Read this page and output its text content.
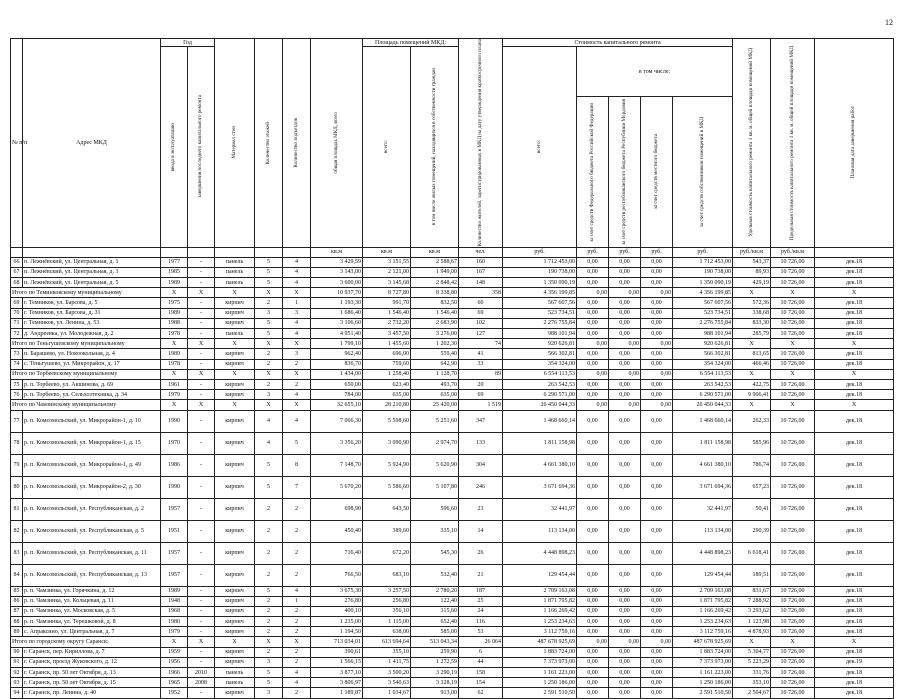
12
№ п/п	Адрес МКД	Год		Материал стен	Количество этажей	Количество подъездов	общая площадь МКД, всего	Площадь помещений МКД:		Количество жителей, зарегистрированных в МКД на дату утверждения краткосрочного плана	Стоимость капитального ремонта					Удельная стоимость капитального ремонта 1 кв. м. общей площади помещений МКД	Предельная стоимость капитального ремонта 1 кв. м. общей площади помещений МКД	Плановая дата завершения работ

		ввода в эксплуатацию	завершения последнего капитального ремонта					всего:	в том числе жилых помещений, находящихся в собственности граждан		всего:	в том числе:						

												за счет средств Федерального бюджета Российской Федерации	за счет средств республиканского бюджета Республики Мордовия	за счет средств местного бюджета	за счет средств собственников помещений в МКД			

							кв.м	кв.м	кв.м	чел.	руб.	руб.	руб.	руб.	руб.	руб./кв.м	руб./кв.м	
66	п. Лежнёвский, ул. Центральная, д. 1	1977	-	панель	5	4	3 429,59	3 151,55	2 588,67	160	1 712 453,00	0,00	0,00	0,00	1 712 453,00	543,37	10 726,00	дек.18
67	п. Лежнёвский, ул. Центральная, д. 3	1985	-	панель	5	4	3 143,00	2 121,00	1 949,00	167	190 738,00	0,00	0,00	0,00	190 738,00	89,93	10 726,00	дек.18
68	п. Лежнёвский, ул. Центральная, д. 5	1989	-	панель	5	4	3 600,00	3 145,68	2 848,42	148	1 350 090,19	0,00	0,00	0,00	1 350 090,19	429,19	10 726,00	дек.18
Итого по Теминковскому муниципальному		X	X	X	X	X	10 937,70	8 727,80	8 338,80	358	4 356 199,85	0,00	0,00	0,00	4 356 199,85	X	X	X
69	г. Темников, ул. Барсова, д. 5	1975	-	кирпич	2	1	1 193,30	991,70	832,50	60	567 607,56	0,00	0,00	0,00	567 607,56	572,36	10 726,00	дек.18
70	г. Темников, ул. Барсова, д. 31	1989	-	кирпич	3	3	1 686,40	1 546,40	1 546,40	69	523 734,51	0,00	0,00	0,00	523 734,51	338,68	10 726,00	дек.18
71	г. Темников, ул. Ленина, д. 53	1988	-	кирпич	5	4	3 106,60	2 732,20	2 683,90	102	2 276 755,84	0,00	0,00	0,00	2 276 755,84	833,30	10 726,00	дек.18
72	д. Андреевка, ул. Молодежная, д. 2	1978	-	панель	5	4	4 951,40	3 457,50	3 276,00	127	988 101,94	0,00	0,00	0,00	988 101,94	285,79	10 726,00	дек.18
Итого по Теньгушевскому муниципальному		X	X	X	X	X	1 799,10	1 455,60	1 202,30	74	920 626,81	0,00	0,00	0,00	920 626,81	X	X	X
73	п. Барашево, ул. Новоокольная, д. 4	1989	-	кирпич	2	3	962,40	696,00	559,40	41	566 302,81	0,00	0,00	0,00	566 302,81	813,65	10 726,00	дек.18
74	с. Теньгушево, ул. Микрорайон, д. 17	1978	-	кирпич	2	2	836,70	759,60	642,90	33	354 324,00	0,00	0,00	0,00	354 324,00	466,46	10 726,00	дек.18
Итого по Торбеевскому муниципальному		X	X	X	X	X	1 434,00	1 258,40	1 128,70	89	6 554 113,53	0,00	0,00	0,00	6 554 113,53	X	X	X
75	р. п. Торбеево, ул. Акшинова, д. 69	1961	-	кирпич	2	2	650,00	623,40	493,70	20	263 542,53	0,00	0,00	0,00	263 542,53	422,75	10 726,00	дек.18
76	р. п. Торбеево, ул. Сельхозтехника, д. 34	1979	-	кирпич	3	4	784,00	635,00	635,00	69	6 290 571,00	0,00	0,00	0,00	6 290 571,00	9 906,41	10 726,00	дек.18
Итого по Чамзинскому муниципальному		X	X	X	X	X	32 655,10	28 210,80	25 420,00	1 519	26 450 044,33	0,00	0,00	0,00	26 450 044,33	X	X	X
77	р. п. Комсомольский, ул. Микрорайон-1, д. 10	1990	-	кирпич	4	4	7 066,30	5 598,60	5 251,60	347	1 468 660,14	0,00	0,00	0,00	1 468 660,14	262,33	10 726,00	дек.18
78	р. п. Комсомольский, ул. Микрорайон-1, д. 15	1970	-	кирпич	4	5	3 356,20	3 090,90	2 974,70	133	1 811 158,98	0,00	0,00	0,00	1 811 158,98	585,96	10 726,00	дек.18
79	р. п. Комсомольский, ул. Микрорайон-1, д. 49	1986	-	кирпич	5	8	7 148,70	5 924,90	5 620,90	304	4 661 380,10	0,00	0,00	0,00	4 661 380,10	786,74	10 726,00	дек.18
80	р. п. Комсомольский, ул. Микрорайон-2, д. 30	1990	-	кирпич	5	7	5 670,20	5 586,60	5 107,80	246	3 671 694,36	0,00	0,00	0,00	3 671 694,36	657,23	10 726,00	дек.18
81	р. п. Комсомольский, ул. Республиканская, д. 2	1957	-	кирпич	2	2	698,90	643,50	596,60	23	32 441,97	0,00	0,00	0,00	32 441,97	50,41	10 726,00	дек.18
82	р. п. Комсомольский, ул. Республиканская, д. 5	1951	-	кирпич	2	2	450,40	389,60	335,10	14	113 134,00	0,00	0,00	0,00	113 134,00	290,39	10 726,00	дек.18
83	р. п. Комсомольский, ул. Республиканская, д. 11	1957	-	кирпич	2	2	716,40	672,20	545,30	26	4 448 898,23	0,00	0,00	0,00	4 448 898,23	6 618,41	10 726,00	дек.18
84	р. п. Комсомольский, ул. Республиканская, д. 13	1957	-	кирпич	2	2	766,50	683,10	532,40	21	129 454,44	0,00	0,00	0,00	129 454,44	189,51	10 726,00	дек.18
85	р. п. Чамзинка, ул. Горячкина, д. 12	1989	-	кирпич	5	4	3 675,30	3 257,50	2 780,20	187	2 709 163,08	0,00	0,00	0,00	2 709 163,08	831,67	10 726,00	дек.18
86	р. п. Чамзинка, ул. Кольцевая, д. 11	1948	-	кирпич	2	1	276,80	256,80	122,40	25	1 871 795,82	0,00	0,00	0,00	1 871 795,82	7 288,92	10 726,00	дек.18
87	р. п. Чамзинка, ул. Московская, д. 5	1968	-	кирпич	2	2	400,10	356,10	315,60	24	1 166 269,42	0,00	0,00	0,00	1 166 269,42	3 293,62	10 726,00	дек.18
88	р. п. Чамзинка, ул. Терешковой, д. 8	1980	-	кирпич	2	2	1 235,00	1 115,00	652,40	116	1 253 234,63	0,00	0,00	0,00	1 253 234,63	1 123,98	10 726,00	дек.18
89	с. Апраксино, ул. Центральная, д. 7	1979	-	кирпич	2	2	1 194,50	638,00	585,00	53	3 112 759,16	0,00	0,00	0,00	3 112 759,16	4 878,93	10 726,00	дек.18
Итого по городскому округу Саранск:		X	X	X	X	X	713 034,01	613 694,64	513 043,34	26 064	487 678 925,69	0,00	0,00	0,00	487 678 925,69	X	X	X
90	г. Саранск, пер. Кириллова, д. 7	1959	-	кирпич	2	2	390,61	355,10	259,90	6	1 883 724,00	0,00	0,00	0,00	1 883 724,00	5 304,77	10 726,00	дек.18
91	г. Саранск, проезд Жуковского, д. 12	1956	-	кирпич	3	2	1 566,15	1 411,75	1 272,59	44	7 373 973,00	0,00	0,00	0,00	7 373 973,00	5 223,29	10 726,00	дек.19
92	г. Саранск, пр. 50 лет Октября, д. 13	1966	2010	панель	5	4	3 877,10	3 500,20	3 290,19	158	1 161 223,00	0,00	0,00	0,00	1 161 223,00	331,76	10 726,00	дек.18
93	г. Саранск, пр. 50 лет Октября, д. 15	1965	2008	панель	5	4	3 806,97	3 540,63	3 328,19	154	1 250 186,00	0,00	0,00	0,00	1 250 186,00	353,10	10 726,00	дек.18
94	г. Саранск, пр. Ленина, д. 40	1952	-	кирпич	3	2	1 189,87	1 034,67	913,00	62	2 591 510,50	0,00	0,00	0,00	2 591 510,50	2 504,67	10 726,00	дек.18
